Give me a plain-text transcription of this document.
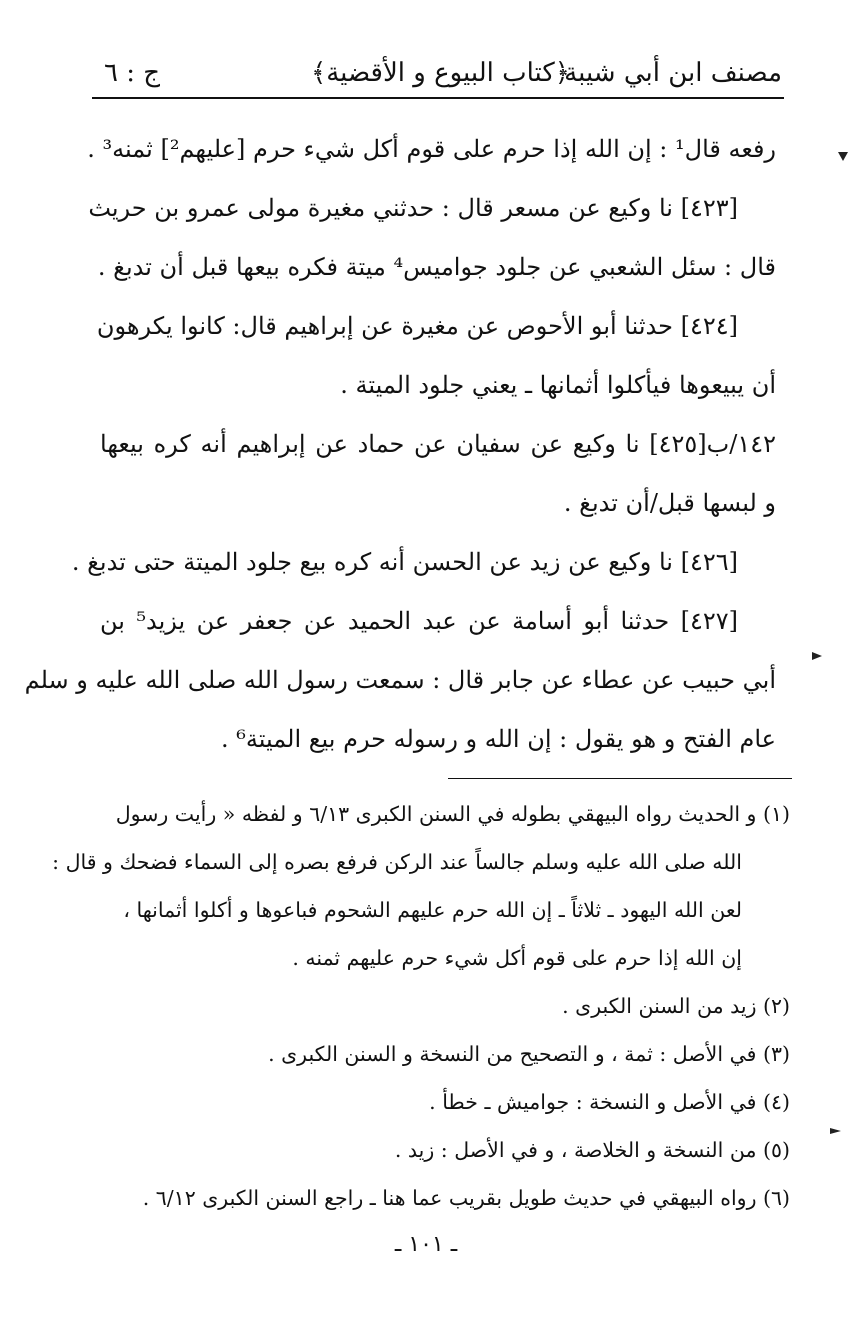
مصنف ابن أبي شيبة
﴿كتاب البيوع و الأقضية﴾
ج : ٦
رفعه قال¹ : إن الله إذا حرم على قوم أكل شيء حرم [عليهم²] ثمنه³ .
[٤٢٣] نا وكيع عن مسعر قال : حدثني مغيرة مولى عمرو بن حريث
قال : سئل الشعبي عن جلود جواميس⁴ ميتة فكره بيعها قبل أن تدبغ .
[٤٢٤] حدثنا أبو الأحوص عن مغيرة عن إبراهيم قال: كانوا يكرهون
أن يبيعوها فيأكلوا أثمانها ـ يعني جلود الميتة .
١٤٢/ب[٤٢٥] نا وكيع عن سفيان عن حماد عن إبراهيم أنه كره بيعها
و لبسها قبل/أن تدبغ .
[٤٢٦] نا وكيع عن زيد عن الحسن أنه كره بيع جلود الميتة حتى تدبغ .
[٤٢٧] حدثنا أبو أسامة عن عبد الحميد عن جعفر عن يزيد⁵ بن
أبي حبيب عن عطاء عن جابر قال : سمعت رسول الله صلى الله عليه و سلم
عام الفتح و هو يقول : إن الله و رسوله حرم بيع الميتة⁶ .
(١) و الحديث رواه البيهقي بطوله في السنن الكبرى ٦/١٣ و لفظه « رأيت رسول
الله صلى الله عليه وسلم جالساً عند الركن فرفع بصره إلى السماء فضحك و قال :
لعن الله اليهود ـ ثلاثاً ـ إن الله حرم عليهم الشحوم فباعوها و أكلوا أثمانها ،
إن الله إذا حرم على قوم أكل شيء حرم عليهم ثمنه .
(٢) زيد من السنن الكبرى .
(٣) في الأصل : ثمة ، و التصحيح من النسخة و السنن الكبرى .
(٤) في الأصل و النسخة : جواميش ـ خطأ .
(٥) من النسخة و الخلاصة ، و في الأصل : زيد .
(٦) رواه البيهقي في حديث طويل بقريب عما هنا ـ راجع السنن الكبرى ٦/١٢ .
ـ ١٠١ ـ
